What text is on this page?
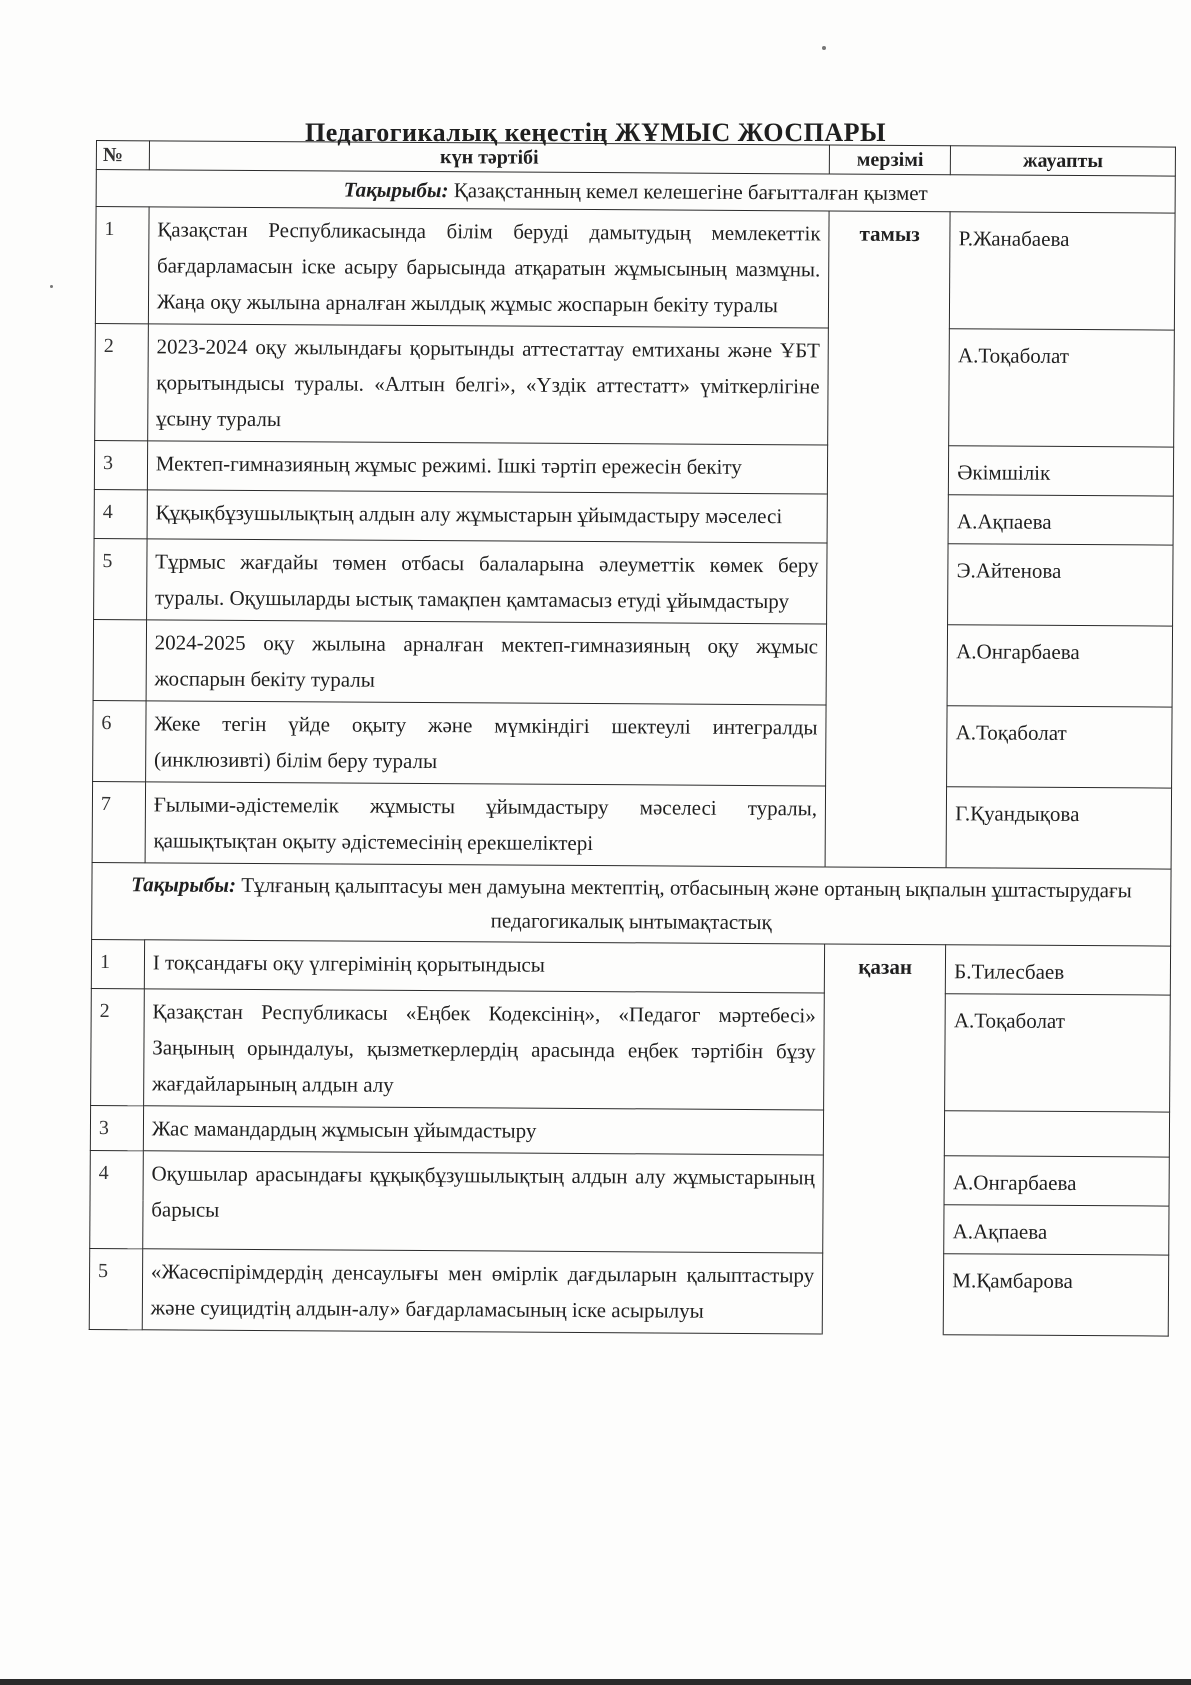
Педагогикалық кеңестің ЖҰМЫС ЖОСПАРЫ
№	күн тәртібі	мерзімі	жауапты
Тақырыбы: Қазақстанның кемел келешегіне бағытталған қызмет			
1	Қазақстан Республикасында білім беруді дамытудың мемлекеттік бағдарламасын іске асыру барысында атқаратын жұмысының мазмұны. Жаңа оқу жылына арналған жылдық жұмыс жоспарын бекіту туралы	тамыз	Р.Жанабаева

2	2023-2024 оқу жылындағы қорытынды аттестаттау емтиханы және ҰБТ қорытындысы туралы. «Алтын белгі», «Үздік аттестатт» үміткерлігіне ұсыну туралы		А.Тоқаболат

3	Мектеп-гимназияның жұмыс режимі. Ішкі тәртіп ережесін бекіту		Әкімшілік

4	Құқықбұзушылықтың алдын алу жұмыстарын ұйымдастыру мәселесі		А.Ақпаева

5	Тұрмыс жағдайы төмен отбасы балаларына әлеуметтік көмек беру туралы. Оқушыларды ыстық тамақпен қамтамасыз етуді ұйымдастыру		Э.Айтенова

	2024-2025 оқу жылына арналған мектеп-гимназияның оқу жұмыс жоспарын бекіту туралы		А.Онгарбаева

6	Жеке тегін үйде оқыту және мүмкіндігі шектеулі интегралды (инклюзивті) білім беру туралы		А.Тоқаболат

7	Ғылыми-әдістемелік жұмысты ұйымдастыру мәселесі туралы, қашықтықтан оқыту әдістемесінің ерекшеліктері		Г.Қуандықова

Тақырыбы: Тұлғаның қалыптасуы мен дамуына мектептің, отбасының және ортаның ықпалын ұштастырудағы педагогикалық ынтымақтастық			
1	І тоқсандағы оқу үлгерімінің қорытындысы	қазан	Б.Тилесбаев

2	Қазақстан Республикасы «Еңбек Кодексінің», «Педагог мәртебесі» Заңының орындалуы, қызметкерлердің арасында еңбек тәртібін бұзу жағдайларының алдын алу		А.Тоқаболат

3	Жас мамандардың жұмысын ұйымдастыру		

4	Оқушылар арасындағы құқықбұзушылықтың алдын алу жұмыстарының барысы		А.Онгарбаева

			А.Ақпаева

5	«Жасөспірімдердің денсаулығы мен өмірлік дағдыларын қалыптастыру және суицидтің алдын-алу» бағдарламасының іске асырылуы		М.Қамбарова
